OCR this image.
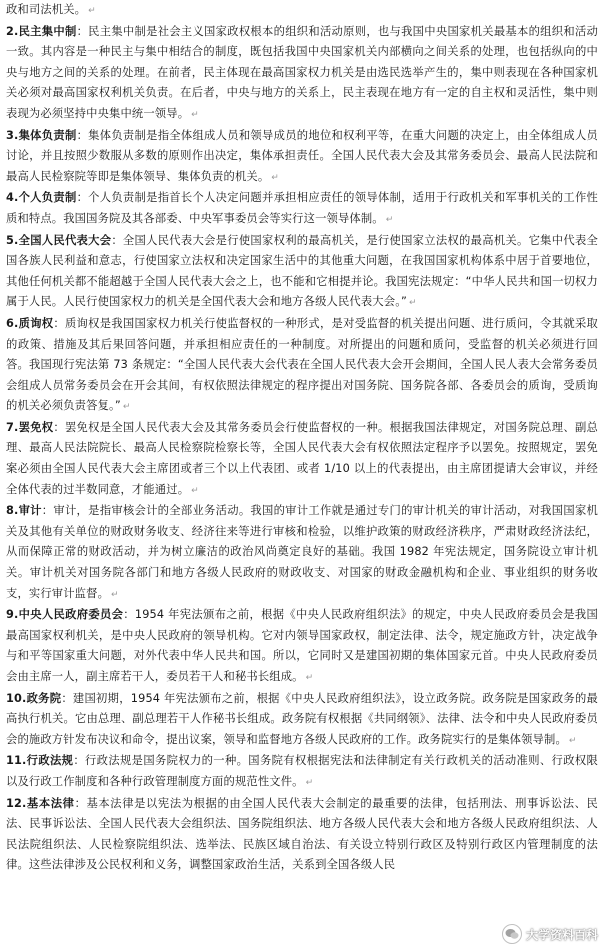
政和司法机关。 ↵

2.民主集中制：民主集中制是社会主义国家政权根本的组织和活动原则，也与我国中央国家机关最基本的组织和活动一致。其内容是一种民主与集中相结合的制度，既包括我国中央国家机关内部横向之间关系的处理，也包括纵向的中央与地方之间的关系的处理。在前者，民主体现在最高国家权力机关是由选民选举产生的，集中则表现在各种国家机关必须对最高国家权利机关负责。在后者，中央与地方的关系上，民主表现在地方有一定的自主权和灵活性，集中则表现为必须坚持中央集中统一领导。 ↵

3.集体负责制：集体负责制是指全体组成人员和领导成员的地位和权利平等，在重大问题的决定上，由全体组成人员讨论，并且按照少数服从多数的原则作出决定，集体承担责任。全国人民代表大会及其常务委员会、最高人民法院和最高人民检察院等即是集体领导、集体负责的机关。 ↵

4.个人负责制：个人负责制是指首长个人决定问题并承担相应责任的领导体制，适用于行政机关和军事机关的工作性质和特点。我国国务院及其各部委、中央军事委员会等实行这一领导体制。 ↵

5.全国人民代表大会：全国人民代表大会是行使国家权利的最高机关，是行使国家立法权的最高机关。它集中代表全国各族人民利益和意志，行使国家立法权和决定国家生活中的其他重大问题，在我国国家机构体系中居于首要地位，其他任何机关都不能超越于全国人民代表大会之上，也不能和它相提并论。我国宪法规定：“中华人民共和国一切权力属于人民。人民行使国家权力的机关是全国代表大会和地方各级人民代表大会。” ↵

6.质询权：质询权是我国国家权力机关行使监督权的一种形式，是对受监督的机关提出问题、进行质问，令其就采取的政策、措施及其后果回答问题，并承担相应责任的一种制度。对所提出的问题和质问，受监督的机关必须进行回答。我国现行宪法第 73 条规定：“全国人民代表大会代表在全国人民代表大会开会期间，全国人民人表大会常务委员会组成人员常务委员会在开会其间，有权依照法律规定的程序提出对国务院、国务院各部、各委员会的质询，受质询的机关必须负责答复。” ↵

7.罢免权：罢免权是全国人民代表大会及其常务委员会行使监督权的一种。根据我国法律规定，对国务院总理、副总理、最高人民法院院长、最高人民检察院检察长等，全国人民代表大会有权依照法定程序予以罢免。按照规定，罢免案必须由全国人民代表大会主席团或者三个以上代表团、或者 1/10 以上的代表提出，由主席团提请大会审议，并经全体代表的过半数同意，才能通过。 ↵

8.审计：审计，是指审核会计的全部业务活动。我国的审计工作就是通过专门的审计机关的审计活动，对我国国家机关及其他有关单位的财政财务收支、经济往来等进行审核和检验，以维护政策的财政经济秩序，严肃财政经济法纪，从而保障正常的财政活动，并为树立廉洁的政治风尚奠定良好的基础。我国 1982 年宪法规定，国务院设立审计机关。审计机关对国务院各部门和地方各级人民政府的财政收支、对国家的财政金融机构和企业、事业组织的财务收支，实行审计监督。 ↵

9.中央人民政府委员会：1954 年宪法颁布之前，根据《中央人民政府组织法》的规定，中央人民政府委员会是我国最高国家权利机关，是中央人民政府的领导机构。它对内领导国家政权，制定法律、法令，规定施政方针，决定战争与和平等国家重大问题，对外代表中华人民共和国。所以，它同时又是建国初期的集体国家元首。中央人民政府委员会由主席一人，副主席若干人，委员若干人和秘书长组成。 ↵

10.政务院：建国初期，1954 年宪法颁布之前，根据《中央人民政府组织法》，设立政务院。政务院是国家政务的最高执行机关。它由总理、副总理若干人作秘书长组成。政务院有权根据《共同纲领》、法律、法令和中央人民政府委员会的施政方针发布决议和命令，提出议案，领导和监督地方各级人民政府的工作。政务院实行的是集体领导制。 ↵

11.行政法规：行政法规是国务院权力的一种。国务院有权根据宪法和法律制定有关行政机关的活动准则、行政权限以及行政工作制度和各种行政管理制度方面的规范性文件。 ↵

12.基本法律：基本法律是以宪法为根据的由全国人民代表大会制定的最重要的法律，包括刑法、刑事诉讼法、民法、民事诉讼法、全国人民代表大会组织法、国务院组织法、地方各级人民代表大会和地方各级人民政府组织法、人民法院组织法、人民检察院组织法、选举法、民族区域自治法、有关设立特别行政区及特别行政区内管理制度的法律。这些法律涉及公民权利和义务，调整国家政治生活，关系到全国各级人民

大学资料百科
